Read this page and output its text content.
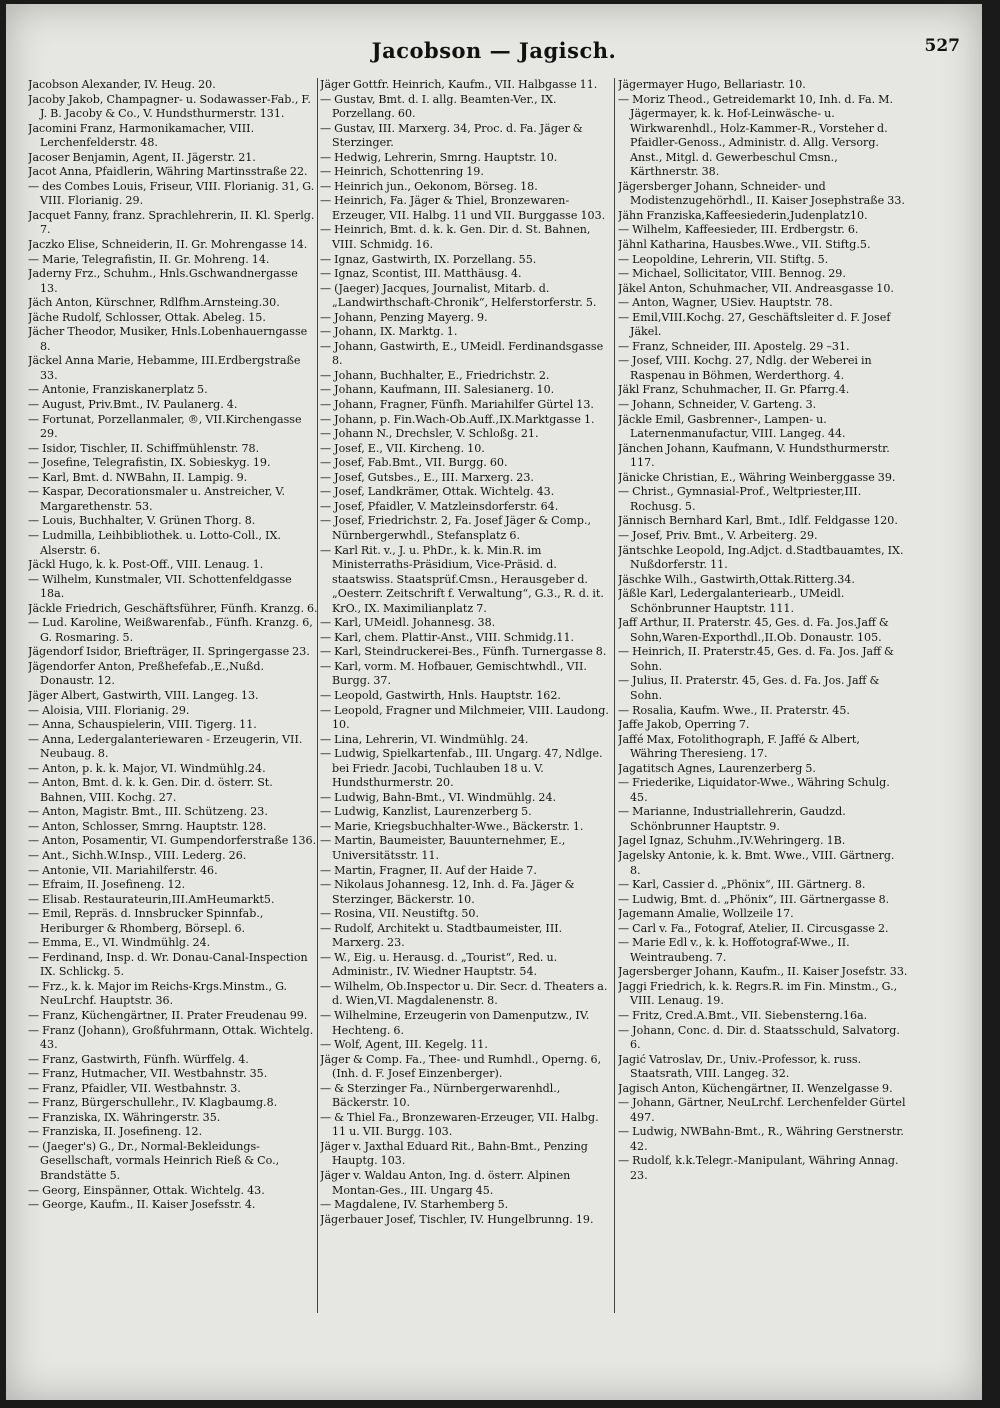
Jacobson — Jagisch.	527

Jacobson Alexander, IV. Heug. 20.

Jacoby Jakob, Champagner- u. Sodawasser-Fab., F. J. B. Jacoby & Co., V. Hundsthurmerstr. 131.

Jacomini Franz, Harmonikamacher, VIII. Lerchenfelderstr. 48.

Jacoser Benjamin, Agent, II. Jägerstr. 21.

Jacot Anna, Pfaidlerin, Währing Martinsstraße 22.

— des Combes Louis, Friseur, VIII. Florianig. 31, G. VIII. Florianig. 29.

Jacquet Fanny, franz. Sprachlehrerin, II. Kl. Sperlg. 7.

Jaczko Elise, Schneiderin, II. Gr. Mohrengasse 14.

— Marie, Telegrafistin, II. Gr. Mohreng. 14.

Jaderny Frz., Schuhm., Hnls.Gschwandnergasse 13.

Jäch Anton, Kürschner, Rdlfhm.Arnsteing.30.

Jäche Rudolf, Schlosser, Ottak. Abeleg. 15.

Jächer Theodor, Musiker, Hnls.Lobenhauerngasse 8.

Jäckel Anna Marie, Hebamme, III.Erdbergstraße 33.

— Antonie, Franziskanerplatz 5.

— August, Priv.Bmt., IV. Paulanerg. 4.

— Fortunat, Porzellanmaler, ®, VII.Kirchengasse 29.

— Isidor, Tischler, II. Schiffmühlenstr. 78.

— Josefine, Telegrafistin, IX. Sobieskyg. 19.

— Karl, Bmt. d. NWBahn, II. Lampig. 9.

— Kaspar, Decorationsmaler u. Anstreicher, V. Margarethenstr. 53.

— Louis, Buchhalter, V. Grünen Thorg. 8.

— Ludmilla, Leihbibliothek. u. Lotto-Coll., IX. Alserstr. 6.

Jäckl Hugo, k. k. Post-Off., VIII. Lenaug. 1.

— Wilhelm, Kunstmaler, VII. Schottenfeldgasse 18a.

Jäckle Friedrich, Geschäftsführer, Fünfh. Kranzg. 6.

— Lud. Karoline, Weißwarenfab., Fünfh. Kranzg. 6, G. Rosmaring. 5.

Jägendorf Isidor, Briefträger, II. Springergasse 23.

Jägendorfer Anton, Preßhefefab.,E.,Nußd. Donaustr. 12.

Jäger Albert, Gastwirth, VIII. Langeg. 13.

— Aloisia, VIII. Florianig. 29.

— Anna, Schauspielerin, VIII. Tigerg. 11.

— Anna, Ledergalanteriewaren - Erzeugerin, VII. Neubaug. 8.

— Anton, p. k. k. Major, VI. Windmühlg.24.

— Anton, Bmt. d. k. k. Gen. Dir. d. österr. St. Bahnen, VIII. Kochg. 27.

— Anton, Magistr. Bmt., III. Schützeng. 23.

— Anton, Schlosser, Smrng. Hauptstr. 128.

— Anton, Posamentir, VI. Gumpendorferstraße 136.

— Ant., Sichh.W.Insp., VIII. Lederg. 26.

— Antonie, VII. Mariahilferstr. 46.

— Efraim, II. Josefineng. 12.

— Elisab. Restaurateurin,III.AmHeumarkt5.

— Emil, Repräs. d. Innsbrucker Spinnfab., Heriburger & Rhomberg, Börsepl. 6.

— Emma, E., VI. Windmühlg. 24.

— Ferdinand, Insp. d. Wr. Donau-Canal-Inspection IX. Schlickg. 5.

— Frz., k. k. Major im Reichs-Krgs.Minstm., G. NeuLrchf. Hauptstr. 36.

— Franz, Küchengärtner, II. Prater Freudenau 99.

— Franz (Johann), Großfuhrmann, Ottak. Wichtelg. 43.

— Franz, Gastwirth, Fünfh. Würffelg. 4.

— Franz, Hutmacher, VII. Westbahnstr. 35.

— Franz, Pfaidler, VII. Westbahnstr. 3.

— Franz, Bürgerschullehr., IV. Klagbaumg.8.

— Franziska, IX. Währingerstr. 35.

— Franziska, II. Josefineng. 12.

— (Jaeger's) G., Dr., Normal-Bekleidungs-Gesellschaft, vormals Heinrich Rieß & Co., Brandstätte 5.

— Georg, Einspänner, Ottak. Wichtelg. 43.

— George, Kaufm., II. Kaiser Josefsstr. 4.

Jäger Gottfr. Heinrich, Kaufm., VII. Halbgasse 11.

— Gustav, Bmt. d. I. allg. Beamten-Ver., IX. Porzellang. 60.

— Gustav, III. Marxerg. 34, Proc. d. Fa. Jäger & Sterzinger.

— Hedwig, Lehrerin, Smrng. Hauptstr. 10.

— Heinrich, Schottenring 19.

— Heinrich jun., Oekonom, Börseg. 18.

— Heinrich, Fa. Jäger & Thiel, Bronzewaren-Erzeuger, VII. Halbg. 11 und VII. Burggasse 103.

— Heinrich, Bmt. d. k. k. Gen. Dir. d. St. Bahnen, VIII. Schmidg. 16.

— Ignaz, Gastwirth, IX. Porzellang. 55.

— Ignaz, Scontist, III. Matthäusg. 4.

— (Jaeger) Jacques, Journalist, Mitarb. d. „Landwirthschaft-Chronik“, Helferstorferstr. 5.

— Johann, Penzing Mayerg. 9.

— Johann, IX. Marktg. 1.

— Johann, Gastwirth, E., UMeidl. Ferdinandsgasse 8.

— Johann, Buchhalter, E., Friedrichstr. 2.

— Johann, Kaufmann, III. Salesianerg. 10.

— Johann, Fragner, Fünfh. Mariahilfer Gürtel 13.

— Johann, p. Fin.Wach-Ob.Auff.,IX.Marktgasse 1.

— Johann N., Drechsler, V. Schloßg. 21.

— Josef, E., VII. Kircheng. 10.

— Josef, Fab.Bmt., VII. Burgg. 60.

— Josef, Gutsbes., E., III. Marxerg. 23.

— Josef, Landkrämer, Ottak. Wichtelg. 43.

— Josef, Pfaidler, V. Matzleinsdorferstr. 64.

— Josef, Friedrichstr. 2, Fa. Josef Jäger & Comp., Nürnbergerwhdl., Stefansplatz 6.

— Karl Rit. v., J. u. PhDr., k. k. Min.R. im Ministerraths-Präsidium, Vice-Präsid. d. staatswiss. Staatsprüf.Cmsn., Herausgeber d. „Oesterr. Zeitschrift f. Verwaltung“, G.3., R. d. it. KrO., IX. Maximilianplatz 7.

— Karl, UMeidl. Johannesg. 38.

— Karl, chem. Plattir-Anst., VIII. Schmidg.11.

— Karl, Steindruckerei-Bes., Fünfh. Turnergasse 8.

— Karl, vorm. M. Hofbauer, Gemischtwhdl., VII. Burgg. 37.

— Leopold, Gastwirth, Hnls. Hauptstr. 162.

— Leopold, Fragner und Milchmeier, VIII. Laudong. 10.

— Lina, Lehrerin, VI. Windmühlg. 24.

— Ludwig, Spielkartenfab., III. Ungarg. 47, Ndlge. bei Friedr. Jacobi, Tuchlauben 18 u. V. Hundsthurmerstr. 20.

— Ludwig, Bahn-Bmt., VI. Windmühlg. 24.

— Ludwig, Kanzlist, Laurenzerberg 5.

— Marie, Kriegsbuchhalter-Wwe., Bäckerstr. 1.

— Martin, Baumeister, Bauunternehmer, E., Universitätsstr. 11.

— Martin, Fragner, II. Auf der Haide 7.

— Nikolaus Johannesg. 12, Inh. d. Fa. Jäger & Sterzinger, Bäckerstr. 10.

— Rosina, VII. Neustiftg. 50.

— Rudolf, Architekt u. Stadtbaumeister, III. Marxerg. 23.

— W., Eig. u. Herausg. d. „Tourist“, Red. u. Administr., IV. Wiedner Hauptstr. 54.

— Wilhelm, Ob.Inspector u. Dir. Secr. d. Theaters a. d. Wien,VI. Magdalenenstr. 8.

— Wilhelmine, Erzeugerin von Damenputzw., IV. Hechteng. 6.

— Wolf, Agent, III. Kegelg. 11.

Jäger & Comp. Fa., Thee- und Rumhdl., Operng. 6, (Inh. d. F. Josef Einzenberger).

— & Sterzinger Fa., Nürnbergerwarenhdl., Bäckerstr. 10.

— & Thiel Fa., Bronzewaren-Erzeuger, VII. Halbg. 11 u. VII. Burgg. 103.

Jäger v. Jaxthal Eduard Rit., Bahn-Bmt., Penzing Hauptg. 103.

Jäger v. Waldau Anton, Ing. d. österr. Alpinen Montan-Ges., III. Ungarg 45.

— Magdalene, IV. Starhemberg 5.

Jägerbauer Josef, Tischler, IV. Hungelbrunng. 19.

Jägermayer Hugo, Bellariastr. 10.

— Moriz Theod., Getreidemarkt 10, Inh. d. Fa. M. Jägermayer, k. k. Hof-Leinwäsche- u. Wirkwarenhdl., Holz-Kammer-R., Vorsteher d. Pfaidler-Genoss., Administr. d. Allg. Versorg. Anst., Mitgl. d. Gewerbeschul Cmsn., Kärthnerstr. 38.

Jägersberger Johann, Schneider- und Modistenzugehörhdl., II. Kaiser Josephstraße 33.

Jähn Franziska,Kaffeesiederin,Judenplatz10.

— Wilhelm, Kaffeesieder, III. Erdbergstr. 6.

Jähnl Katharina, Hausbes.Wwe., VII. Stiftg.5.

— Leopoldine, Lehrerin, VII. Stiftg. 5.

— Michael, Sollicitator, VIII. Bennog. 29.

Jäkel Anton, Schuhmacher, VII. Andreasgasse 10.

— Anton, Wagner, USiev. Hauptstr. 78.

— Emil,VIII.Kochg. 27, Geschäftsleiter d. F. Josef Jäkel.

— Franz, Schneider, III. Apostelg. 29 –31.

— Josef, VIII. Kochg. 27, Ndlg. der Weberei in Raspenau in Böhmen, Werderthorg. 4.

Jäkl Franz, Schuhmacher, II. Gr. Pfarrg.4.

— Johann, Schneider, V. Garteng. 3.

Jäckle Emil, Gasbrenner-, Lampen- u. Laternenmanufactur, VIII. Langeg. 44.

Jänchen Johann, Kaufmann, V. Hundsthurmerstr. 117.

Jänicke Christian, E., Währing Weinberggasse 39.

— Christ., Gymnasial-Prof., Weltpriester,III. Rochusg. 5.

Jännisch Bernhard Karl, Bmt., Idlf. Feldgasse 120.

— Josef, Priv. Bmt., V. Arbeiterg. 29.

Jäntschke Leopold, Ing.Adjct. d.Stadtbauamtes, IX. Nußdorferstr. 11.

Jäschke Wilh., Gastwirth,Ottak.Ritterg.34.

Jäßle Karl, Ledergalanteriearb., UMeidl. Schönbrunner Hauptstr. 111.

Jaff Arthur, II. Praterstr. 45, Ges. d. Fa. Jos.Jaff & Sohn,Waren-Exporthdl.,II.Ob. Donaustr. 105.

— Heinrich, II. Praterstr.45, Ges. d. Fa. Jos. Jaff & Sohn.

— Julius, II. Praterstr. 45, Ges. d. Fa. Jos. Jaff & Sohn.

— Rosalia, Kaufm. Wwe., II. Praterstr. 45.

Jaffe Jakob, Operring 7.

Jaffé Max, Fotolithograph, F. Jaffé & Albert, Währing Theresieng. 17.

Jagatitsch Agnes, Laurenzerberg 5.

— Friederike, Liquidator-Wwe., Währing Schulg. 45.

— Marianne, Industriallehrerin, Gaudzd. Schönbrunner Hauptstr. 9.

Jagel Ignaz, Schuhm.,IV.Wehringerg. 1B.

Jagelsky Antonie, k. k. Bmt. Wwe., VIII. Gärtnerg. 8.

— Karl, Cassier d. „Phönix“, III. Gärtnerg. 8.

— Ludwig, Bmt. d. „Phönix“, III. Gärtnergasse 8.

Jagemann Amalie, Wollzeile 17.

— Carl v. Fa., Fotograf, Atelier, II. Circusgasse 2.

— Marie Edl v., k. k. Hoffotograf-Wwe., II. Weintraubeng. 7.

Jagersberger Johann, Kaufm., II. Kaiser Josefstr. 33.

Jaggi Friedrich, k. k. Regrs.R. im Fin. Minstm., G., VIII. Lenaug. 19.

— Fritz, Cred.A.Bmt., VII. Siebensterng.16a.

— Johann, Conc. d. Dir. d. Staatsschuld, Salvatorg. 6.

Jagić Vatroslav, Dr., Univ.-Professor, k. russ. Staatsrath, VIII. Langeg. 32.

Jagisch Anton, Küchengärtner, II. Wenzelgasse 9.

— Johann, Gärtner, NeuLrchf. Lerchenfelder Gürtel 497.

— Ludwig, NWBahn-Bmt., R., Währing Gerstnerstr. 42.

— Rudolf, k.k.Telegr.-Manipulant, Währing Annag. 23.
